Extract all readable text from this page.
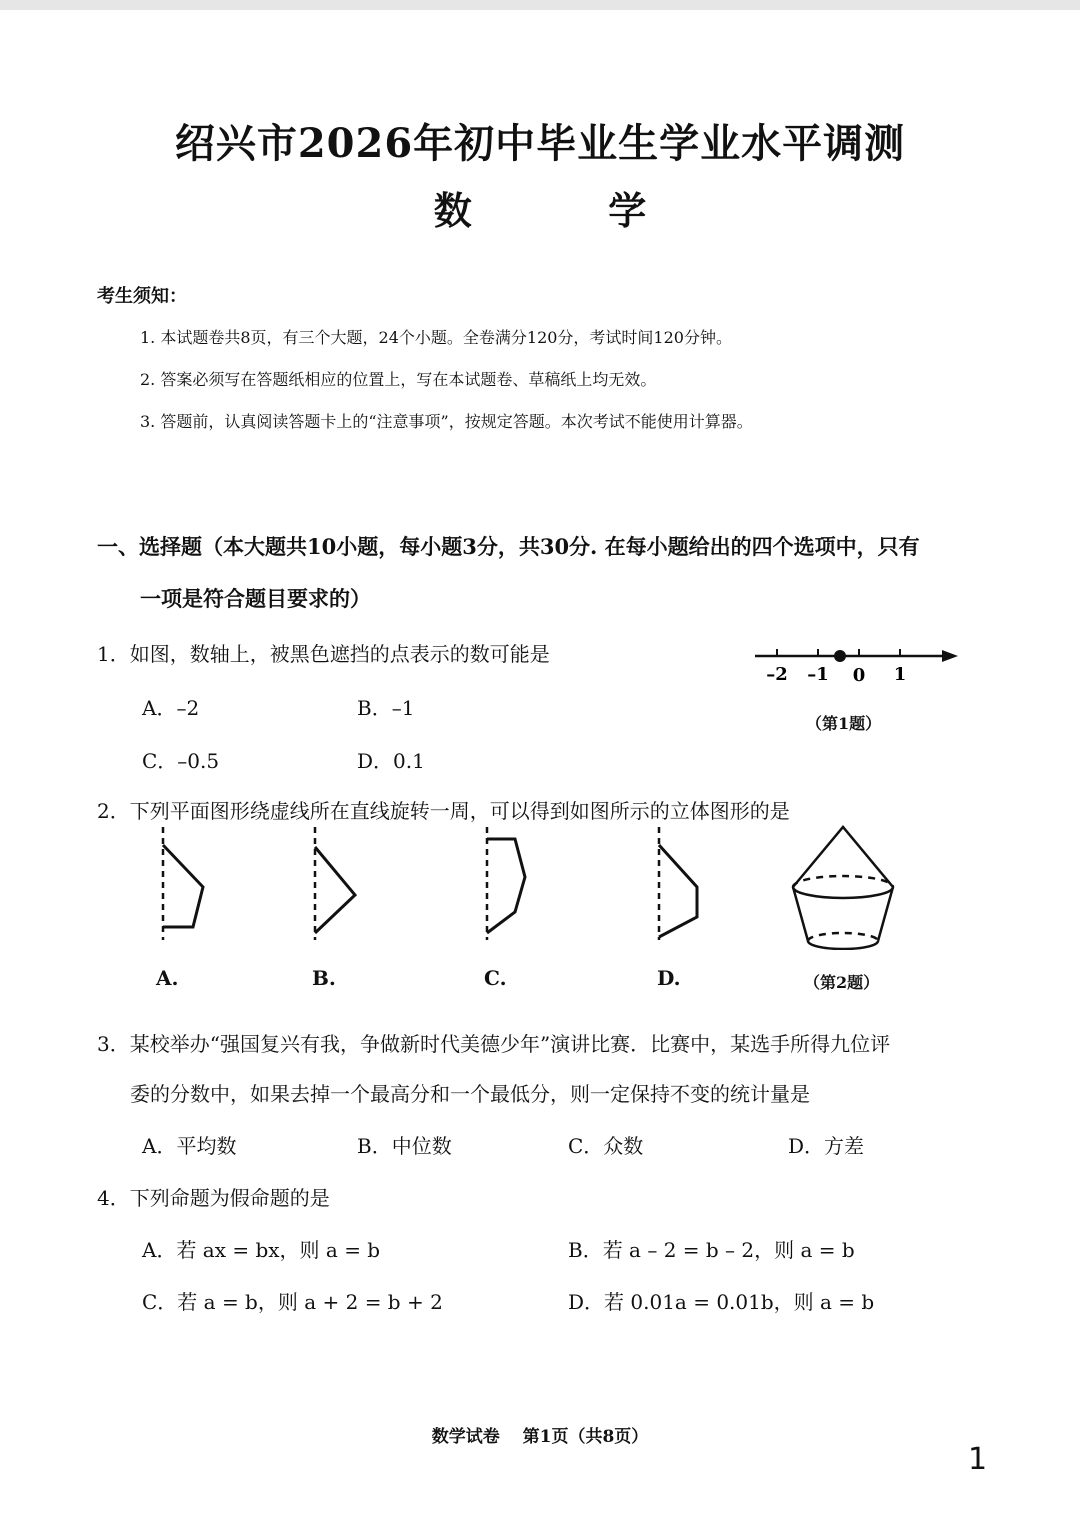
绍兴市2026年初中毕业生学业水平调测
数	学
考生须知：
1. 本试题卷共8页，有三个大题，24个小题。全卷满分120分，考试时间120分钟。
2. 答案必须写在答题纸相应的位置上，写在本试题卷、草稿纸上均无效。
3. 答题前，认真阅读答题卡上的“注意事项”，按规定答题。本次考试不能使用计算器。
一、选择题（本大题共10小题，每小题3分，共30分. 在每小题给出的四个选项中，只有
一项是符合题目要求的）
1．如图，数轴上，被黑色遮挡的点表示的数可能是
A．–2	B．–1
C．–0.5	D．0.1
–2 –1 0 1
（第1题）
2．下列平面图形绕虚线所在直线旋转一周，可以得到如图所示的立体图形的是
A.	B.	C.	D.	（第2题）
3．某校举办“强国复兴有我，争做新时代美德少年”演讲比赛．比赛中，某选手所得九位评
委的分数中，如果去掉一个最高分和一个最低分，则一定保持不变的统计量是
A．平均数	B．中位数	C．众数	D．方差
4．下列命题为假命题的是
A．若 ax = bx，则 a = b	B．若 a – 2 = b – 2，则 a = b
C．若 a = b，则 a + 2 = b + 2	D．若 0.01a = 0.01b，则 a = b
数学试卷　 第1页（共8页）
1
